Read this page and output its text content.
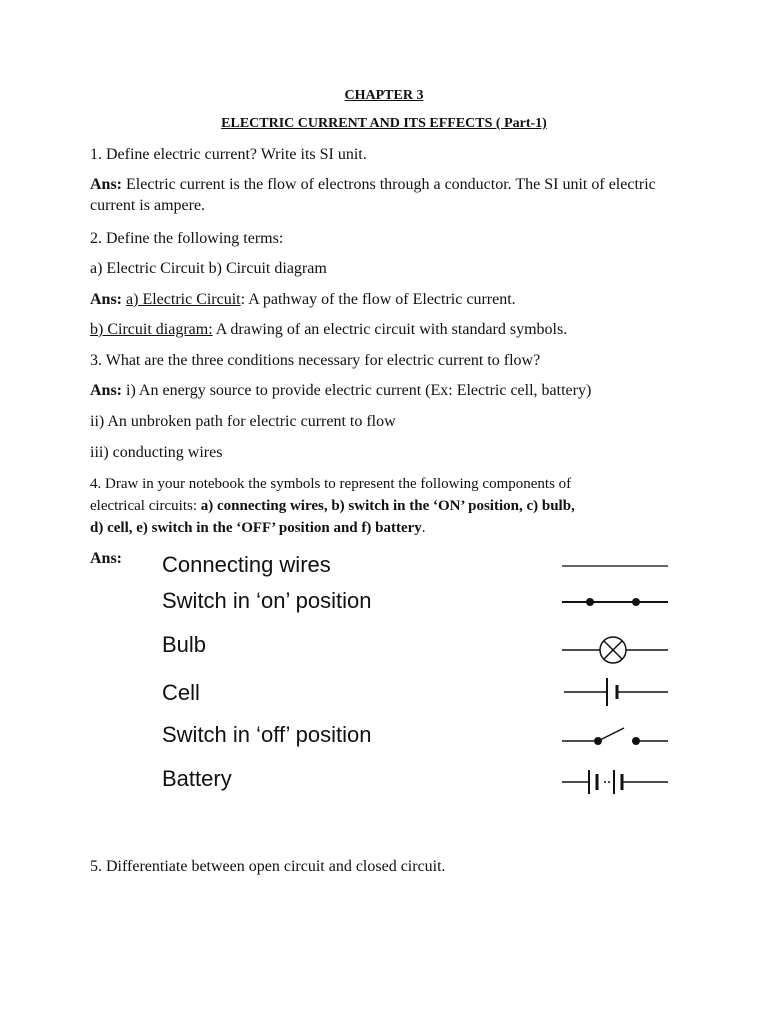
CHAPTER 3
ELECTRIC CURRENT AND ITS EFFECTS ( Part-1)
1. Define electric current? Write its SI unit.
Ans: Electric current is the flow of electrons through a conductor. The SI unit of electric current is ampere.
2. Define the following terms:
a) Electric Circuit b) Circuit diagram
Ans: a) Electric Circuit: A pathway of the flow of Electric current.
b) Circuit diagram: A drawing of an electric circuit with standard symbols.
3. What are the three conditions necessary for electric current to flow?
Ans: i) An energy source to provide electric current (Ex: Electric cell, battery)
ii) An unbroken path for electric current to flow
iii) conducting wires
4. Draw in your notebook the symbols to represent the following components of
electrical circuits: a) connecting wires, b) switch in the ‘ON’ position, c) bulb,
d) cell, e) switch in the ‘OFF’ position and f) battery.
Ans:	Connecting wires
Switch in ‘on’ position
Bulb
Cell
Switch in ‘off’ position
Battery
5. Differentiate between open circuit and closed circuit.
